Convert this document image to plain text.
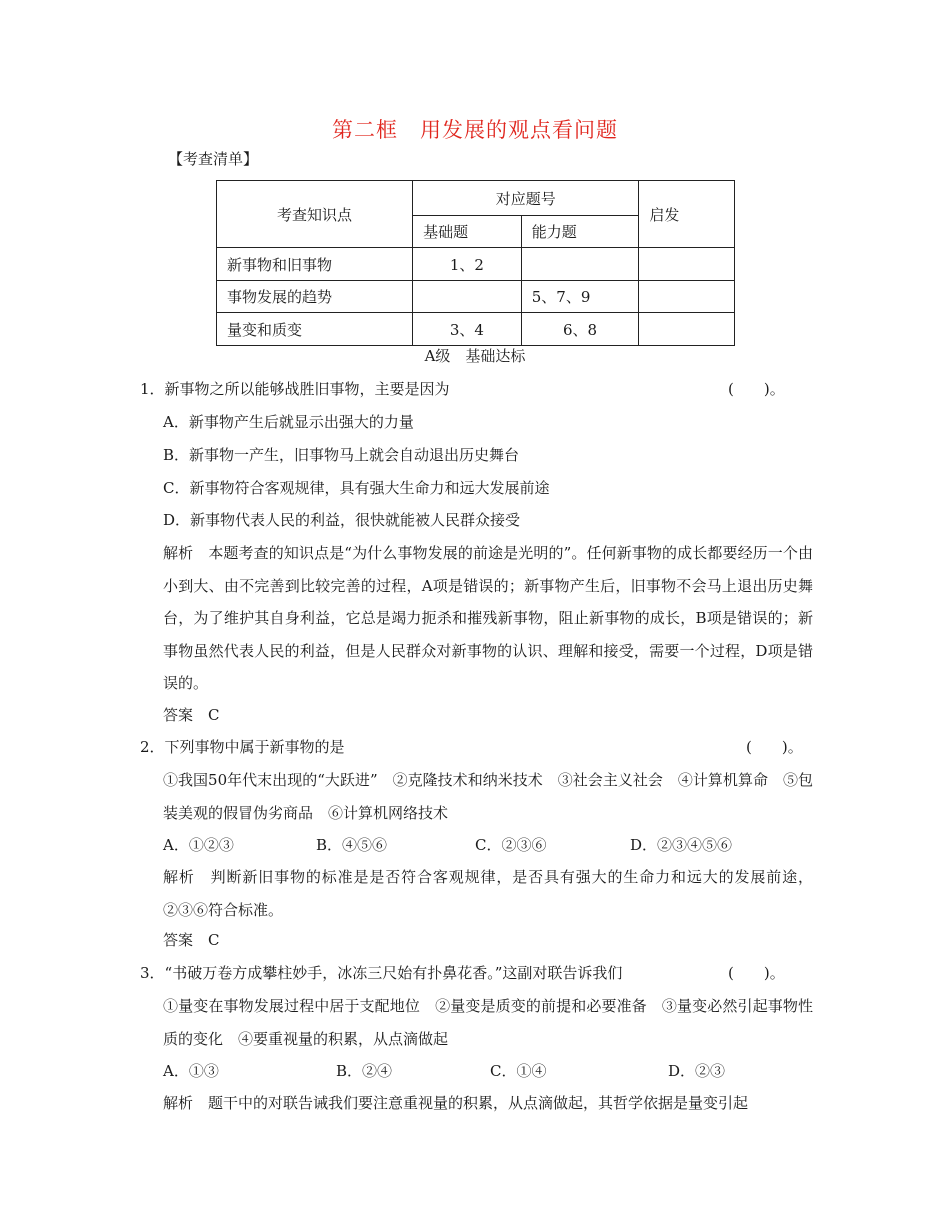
第二框　用发展的观点看问题
【考查清单】
考查知识点	对应题号		启发
	基础题	能力题	
新事物和旧事物	1、2		
事物发展的趋势		5、7、9	
量变和质变	3、4	6、8	
A级　基础达标
1．新事物之所以能够战胜旧事物，主要是因为	(　　)。
A．新事物产生后就显示出强大的力量
B．新事物一产生，旧事物马上就会自动退出历史舞台
C．新事物符合客观规律，具有强大生命力和远大发展前途
D．新事物代表人民的利益，很快就能被人民群众接受
解析　本题考查的知识点是“为什么事物发展的前途是光明的”。任何新事物的成长都要经历一个由小到大、由不完善到比较完善的过程，A项是错误的；新事物产生后，旧事物不会马上退出历史舞台，为了维护其自身利益，它总是竭力扼杀和摧残新事物，阻止新事物的成长，B项是错误的；新事物虽然代表人民的利益，但是人民群众对新事物的认识、理解和接受，需要一个过程，D项是错误的。
答案　C
2．下列事物中属于新事物的是	(　　)。
①我国50年代末出现的“大跃进”　②克隆技术和纳米技术　③社会主义社会　④计算机算命　⑤包装美观的假冒伪劣商品　⑥计算机网络技术
A．①②③	B．④⑤⑥	C．②③⑥	D．②③④⑤⑥
解析　判断新旧事物的标准是是否符合客观规律，是否具有强大的生命力和远大的发展前途，②③⑥符合标准。
答案　C
3．“书破万卷方成攀柱妙手，冰冻三尺始有扑鼻花香。”这副对联告诉我们	(　　)。
①量变在事物发展过程中居于支配地位　②量变是质变的前提和必要准备　③量变必然引起事物性质的变化　④要重视量的积累，从点滴做起
A．①③	B．②④	C．①④	D．②③
解析　题干中的对联告诫我们要注意重视量的积累，从点滴做起，其哲学依据是量变引起
